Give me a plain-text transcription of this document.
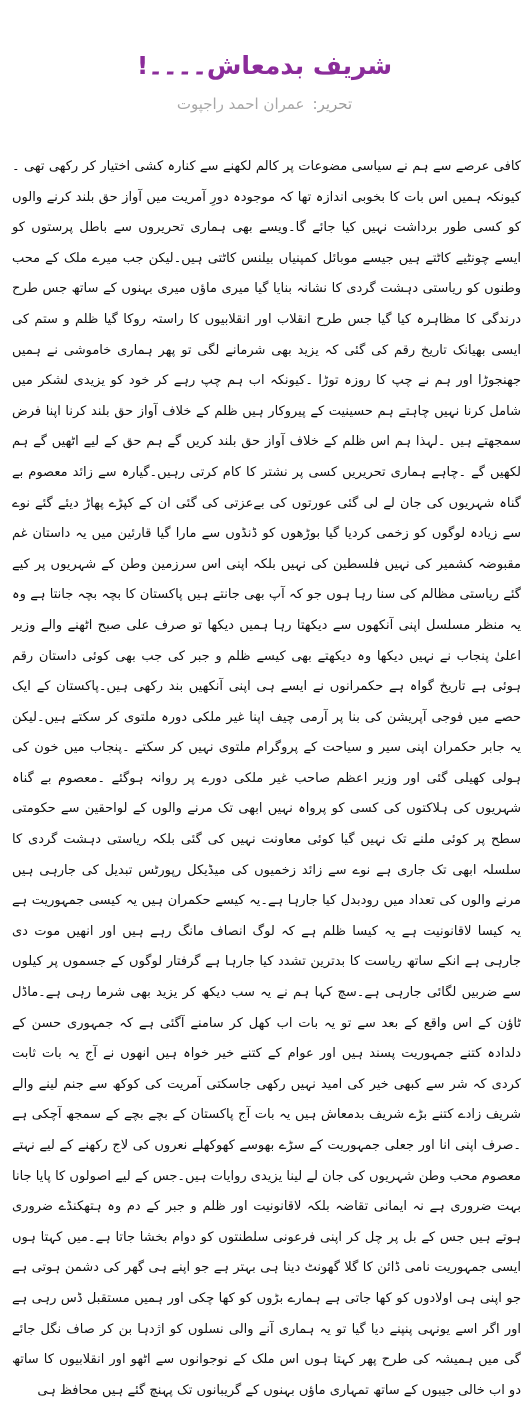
شریف بدمعاش۔۔۔۔!
تحریر:عمران احمد راجپوت

کافی عرصے سے ہم نے سیاسی مضوعات پر کالم لکھنے سے کنارہ کشی اختیار کر رکھی تھی ۔کیونکہ ہمیں اس بات کا بخوبی اندازہ تھا کہ موجودہ دورِ آمریت میں آواز حق بلند کرنے والوں کو کسی طور برداشت نہیں کیا جائے گا۔ویسے بھی ہماری تحریروں سے باطل پرستوں کو ایسے چونٹیے کاٹتے ہیں جیسے موبائل کمپنیاں بیلنس کاٹتی ہیں۔لیکن جب میرے ملک کے محب وطنوں کو ریاستی دہشت گردی کا نشانہ بنایا گیا میری ماؤں میری بہنوں کے ساتھ جس طرح درندگی کا مظاہرہ کیا گیا جس طرح انقلاب اور انقلابیوں کا راستہ روکا گیا ظلم و ستم کی ایسی بھیانک تاریخ رقم کی گئی کہ یزید بھی شرمانے لگی تو پھر ہماری خاموشی نے ہمیں جھنجوڑا اور ہم نے چپ کا روزہ توڑا ۔کیونکہ اب ہم چپ رہے کر خود کو یزیدی لشکر میں شامل کرنا نہیں چاہتے ہم حسینیت کے پیروکار ہیں ظلم کے خلاف آواز حق بلند کرنا اپنا فرض سمجھتے ہیں ۔لہذا ہم اس ظلم کے خلاف آواز حق بلند کریں گے ہم حق کے لیے اٹھیں گے ہم لکھیں گے ۔چاہے ہماری تحریریں کسی پر نشتر کا کام کرتی رہیں۔گیارہ سے زائد معصوم بے گناہ شہریوں کی جان لے لی گئی عورتوں کی بےعزتی کی گئی ان کے کپڑے پھاڑ دیئے گئے نوے سے زیادہ لوگوں کو زخمی کردیا گیا بوڑھوں کو ڈنڈوں سے مارا گیا قارئین میں یہ داستان غم مقبوضہ کشمیر کی نہیں فلسطین کی نہیں بلکہ اپنی اس سرزمین وطن کے شہریوں پر کیے گئے ریاستی مظالم کی سنا رہا ہوں جو کہ آپ بھی جانتے ہیں پاکستان کا بچہ بچہ جانتا ہے وہ یہ منظر مسلسل اپنی آنکھوں سے دیکھتا رہا ہمیں دیکھا تو صرف علی صبح اٹھنے والے وزیر اعلیٰ پنجاب نے نہیں دیکھا وہ دیکھتے بھی کیسے ظلم و جبر کی جب بھی کوئی داستان رقم ہوئی ہے تاریخ گواہ ہے حکمرانوں نے ایسے ہی اپنی آنکھیں بند رکھی ہیں۔پاکستان کے ایک حصے میں فوجی آپریشن کی بنا پر آرمی چیف اپنا غیر ملکی دورہ ملتوی کر سکتے ہیں۔لیکن یہ جابر حکمران اپنی سیر و سیاحت کے پروگرام ملتوی نہیں کر سکتے ۔پنجاب میں خون کی ہولی کھیلی گئی اور وزیر اعظم صاحب غیر ملکی دورے پر روانہ ہوگئے ۔معصوم بے گناہ شہریوں کی ہلاکتوں کی کسی کو پرواہ نہیں ابھی تک مرنے والوں کے لواحقین سے حکومتی سطح پر کوئی ملنے تک نہیں گیا کوئی معاونت نہیں کی گئی بلکہ ریاستی دہشت گردی کا سلسلہ ابھی تک جاری ہے نوے سے زائد زخمیوں کی میڈیکل رپورٹس تبدیل کی جارہی ہیں مرنے والوں کی تعداد میں رودبدل کیا جارہا ہے۔یہ کیسے حکمران ہیں یہ کیسی جمہوریت ہے یہ کیسا لاقانونیت ہے یہ کیسا ظلم ہے کہ لوگ انصاف مانگ رہے ہیں اور انھیں موت دی جارہی ہے انکے ساتھ ریاست کا بدترین تشدد کیا جارہا ہے گرفتار لوگوں کے جسموں پر کیلوں سے ضربیں لگائی جارہی ہے۔سچ کہا ہم نے یہ سب دیکھ کر یزید بھی شرما رہی ہے۔ماڈل ٹاؤن کے اس واقع کے بعد سے تو یہ بات اب کھل کر سامنے آگئی ہے کہ جمہوری حسن کے دلدادہ کتنے جمہوریت پسند ہیں اور عوام کے کتنے خیر خواہ ہیں انھوں نے آج یہ بات ثابت کردی کہ شر سے کبھی خیر کی امید نہیں رکھی جاسکتی آمریت کی کوکھ سے جنم لینے والے شریف زادے کتنے بڑے شریف بدمعاش ہیں یہ بات آج پاکستان کے بچے بچے کے سمجھ آچکی ہے ۔صرف اپنی انا اور جعلی جمہوریت کے سڑے بھوسے کھوکھلے نعروں کی لاج رکھنے کے لیے نہتے معصوم محب وطن شہریوں کی جان لے لینا یزیدی روایات ہیں۔جس کے لیے اصولوں کا پایا جانا بہت ضروری ہے نہ ایمانی تقاضہ بلکہ لاقانونیت اور ظلم و جبر کے دم وہ ہتھکنڈے ضروری ہوتے ہیں جس کے بل پر چل کر اپنی فرعونی سلطنتوں کو دوام بخشا جاتا ہے۔میں کہتا ہوں ایسی جمہوریت نامی ڈائن کا گلا گھونٹ دینا ہی بہتر ہے جو اپنے ہی گھر کی دشمن ہوتی ہے جو اپنی ہی اولادوں کو کھا جاتی ہے ہمارے بڑوں کو کھا چکی اور ہمیں مستقبل ڈس رہی ہے اور اگر اسے یونہی پنپنے دیا گیا تو یہ ہماری آنے والی نسلوں کو اژدہا بن کر صاف نگل جائے گی میں ہمیشہ کی طرح پھر کہتا ہوں اس ملک کے نوجوانوں سے اٹھو اور انقلابیوں کا ساتھ دو اب خالی جیبوں کے ساتھ تمہاری ماؤں بہنوں کے گریبانوں تک پہنچ گئے ہیں محافظ ہی
